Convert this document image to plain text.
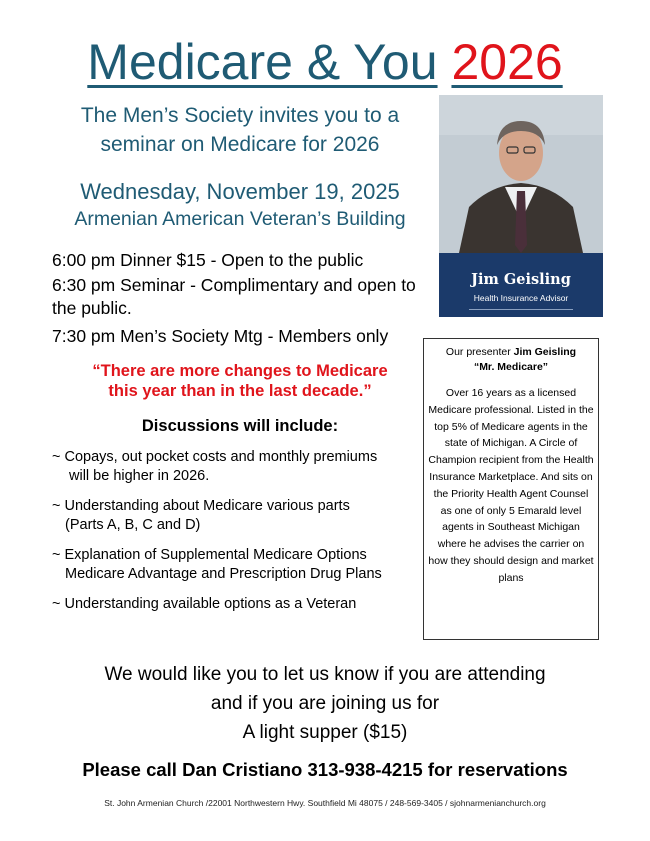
Medicare & You 2026
The Men’s Society invites you to a
seminar on Medicare for 2026
Wednesday, November 19, 2025
Armenian American Veteran’s Building
6:00 pm Dinner $15 - Open to the public
6:30 pm Seminar - Complimentary and open to the public.
7:30 pm Men’s Society Mtg - Members only
“There are more changes to Medicare
this year than in the last decade.”
Discussions will include:
~ Copays, out pocket costs and monthly premiums
will be higher in 2026.
~ Understanding about Medicare various parts
(Parts A, B, C and D)
~ Explanation of Supplemental Medicare Options
Medicare Advantage and Prescription Drug Plans
~ Understanding available options as a Veteran
Jim Geisling
Health Insurance Advisor
Our presenter Jim Geisling
“Mr. Medicare”
Over 16 years as a licensed Medicare professional. Listed in the top 5% of Medicare agents in the state of Michigan. A Circle of Champion recipient from the Health Insurance Marketplace. And sits on the Priority Health Agent Counsel as one of only 5 Emarald level agents in Southeast Michigan where he advises the carrier on how they should design and market plans
We would like you to let us know if you are attending
and if you are joining us for
A light supper ($15)
Please call Dan Cristiano 313-938-4215 for reservations
St. John Armenian Church /22001 Northwestern Hwy. Southfield Mi 48075 / 248-569-3405 / sjohnarmenianchurch.org
